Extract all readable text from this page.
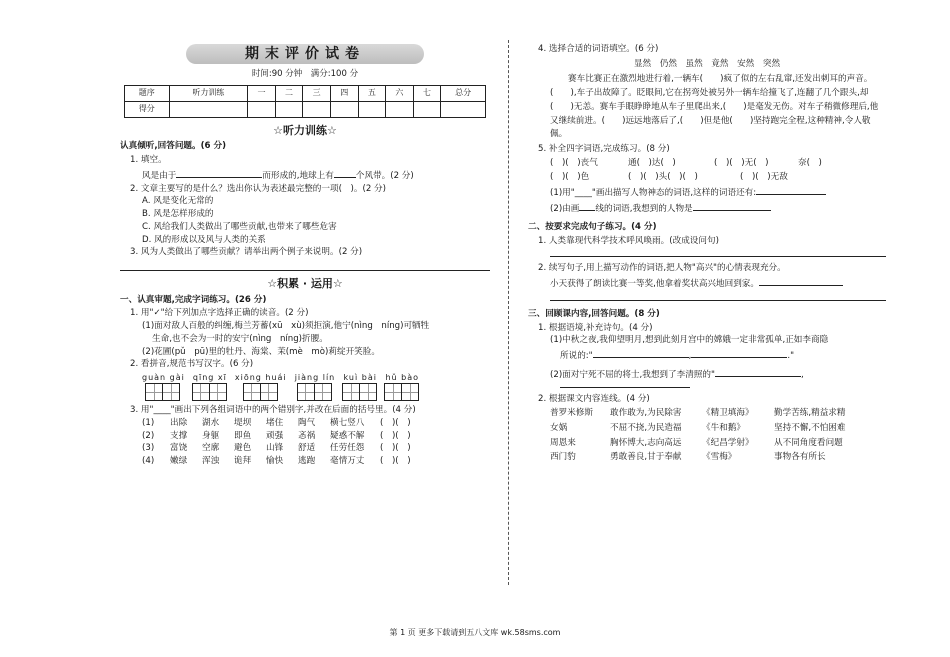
期末评价试卷
时间:90 分钟　满分:100 分
题序	听力训练	一	二	三	四	五	六	七	总分
得分									
☆听力训练☆
认真倾听,回答问题。(6 分)
1. 填空。
风是由于	而形成的,地球上有	个风带。(2 分)
2. 文章主要写的是什么？选出你认为表述最完整的一项(　)。(2 分)
A. 风是变化无常的
B. 风是怎样形成的
C. 风给我们人类做出了哪些贡献,也带来了哪些危害
D. 风的形成以及风与人类的关系
3. 风为人类做出了哪些贡献？请举出两个例子来说明。(2 分)
☆积累 · 运用☆
一、认真审题,完成字词练习。(26 分)
1. 用"✓"给下列加点字选择正确的读音。(2 分)
(1)面对敌人百般的纠缠,梅兰芳蓄(xū　xù)须拒演,他宁(nìng　níng)可牺牲
生命,也不会为一时的安宁(nìng　níng)折腰。
(2)花圃(pǔ　pū)里的牡丹、海棠、茉(mè　mò)莉绽开笑脸。
2. 看拼音,规范书写汉字。(6 分)
guàn gài qīng xī xiōng huái jiàng lín kuì bài hǔ bào
3. 用"____"画出下列各组词语中的两个错别字,并改在后面的括号里。(4 分)
(1)	出除	湖水	堤坝	堵住	陶气	横七竖八	(　)(　)
(2)	支撑	身躯	即鱼	顽强	忞祸	疑惑不解	(　)(　)
(3)	富饶	空廓	避色	山锋	舒适	任劳任怨	(　)(　)
(4)	嫩绿	浑浊	诡拜	愉快	逃跑	毫情万丈	(　)(　)
4. 选择合适的词语填空。(6 分)
显然　仍然　虽然　竟然　安然　突然
赛车比赛正在激烈地进行着,一辆车(　　)疯了似的左右乱窜,还发出刺耳的声音。(　　),车子出故障了。眨眼间,它在拐弯处被另外一辆车给撞飞了,连翻了几个跟头,却(　　)无恙。赛车手眼睁睁地从车子里爬出来,(　　)是毫发无伤。对车子稍微修理后,他又继续前进。(　　)远远地落后了,(　　)但是他(　　)坚持跑完全程,这种精神,令人敬佩。
5. 补全四字词语,完成练习。(8 分)
(　)(　)丧气	通(　)达(　)	(　)(　)无(　)	奈(　)
(　)(　)色	(　)(　)头(　)(　)	(　)(　)无敌
(1)用"____"画出描写人物神态的词语,这样的词语还有:
(2)由画 线的词语,我想到的人物是
二、按要求完成句子练习。(4 分)
1. 人类靠现代科学技术呼风唤雨。(改成设问句)
2. 续写句子,用上描写动作的词语,把人物"高兴"的心情表现充分。
小天获得了朗读比赛一等奖,他拿着奖状高兴地回到家。
三、回顾课内容,回答问题。(8 分)
1. 根据语境,补充诗句。(4 分)
(1)中秋之夜,我仰望明月,想到此刻月宫中的嫦娥一定非常孤单,正如李商隐
所说的:"	,	."
(2)面对宁死不屈的将士,我想到了李清照的"	,
2. 根据课文内容连线。(4 分)
普罗米修斯	敢作敢为,为民除害	《精卫填海》	勤学苦练,精益求精
女娲	不屈不挠,为民造福	《牛和鹅》	坚持不懈,不怕困难
周恩来	胸怀博大,志向高远	《纪昌学射》	从不同角度看问题
西门豹	勇敢善良,甘于奉献	《雪梅》	事物各有所长
第 1 页 更多下载请到五八文库 wk.58sms.com
